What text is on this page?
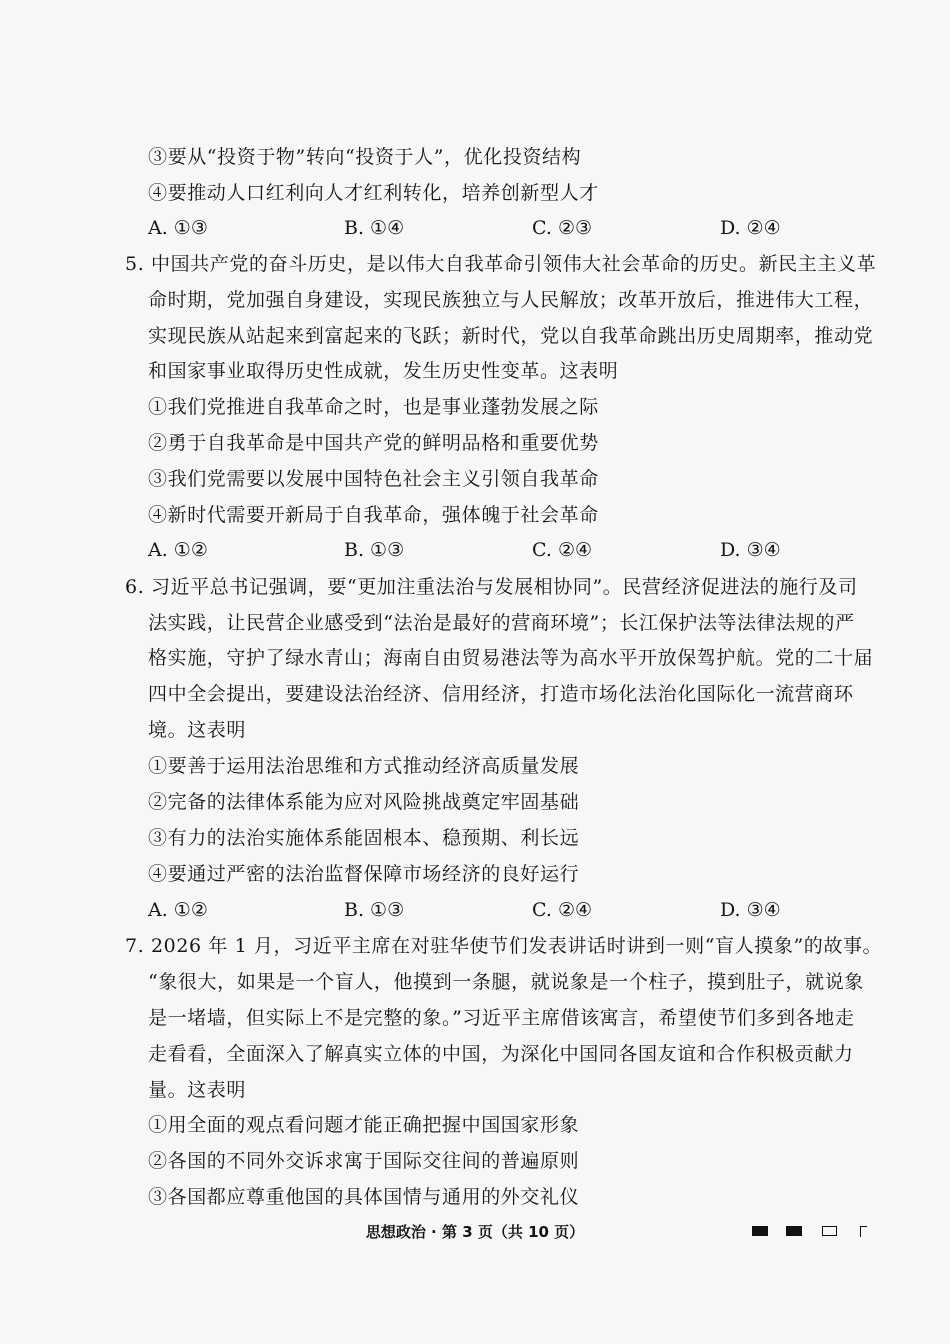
③要从“投资于物”转向“投资于人”，优化投资结构
④要推动人口红利向人才红利转化，培养创新型人才
A. ①③	B. ①④	C. ②③	D. ②④
5. 中国共产党的奋斗历史，是以伟大自我革命引领伟大社会革命的历史。新民主主义革
命时期，党加强自身建设，实现民族独立与人民解放；改革开放后，推进伟大工程，
实现民族从站起来到富起来的飞跃；新时代，党以自我革命跳出历史周期率，推动党
和国家事业取得历史性成就，发生历史性变革。这表明
①我们党推进自我革命之时，也是事业蓬勃发展之际
②勇于自我革命是中国共产党的鲜明品格和重要优势
③我们党需要以发展中国特色社会主义引领自我革命
④新时代需要开新局于自我革命，强体魄于社会革命
A. ①②	B. ①③	C. ②④	D. ③④
6. 习近平总书记强调，要“更加注重法治与发展相协同”。民营经济促进法的施行及司
法实践，让民营企业感受到“法治是最好的营商环境”；长江保护法等法律法规的严
格实施，守护了绿水青山；海南自由贸易港法等为高水平开放保驾护航。党的二十届
四中全会提出，要建设法治经济、信用经济，打造市场化法治化国际化一流营商环
境。这表明
①要善于运用法治思维和方式推动经济高质量发展
②完备的法律体系能为应对风险挑战奠定牢固基础
③有力的法治实施体系能固根本、稳预期、利长远
④要通过严密的法治监督保障市场经济的良好运行
A. ①②	B. ①③	C. ②④	D. ③④
7. 2026 年 1 月，习近平主席在对驻华使节们发表讲话时讲到一则“盲人摸象”的故事。
“象很大，如果是一个盲人，他摸到一条腿，就说象是一个柱子，摸到肚子，就说象
是一堵墙，但实际上不是完整的象。”习近平主席借该寓言，希望使节们多到各地走
走看看，全面深入了解真实立体的中国，为深化中国同各国友谊和合作积极贡献力
量。这表明
①用全面的观点看问题才能正确把握中国国家形象
②各国的不同外交诉求寓于国际交往间的普遍原则
③各国都应尊重他国的具体国情与通用的外交礼仪
思想政治 · 第 3 页（共 10 页）
